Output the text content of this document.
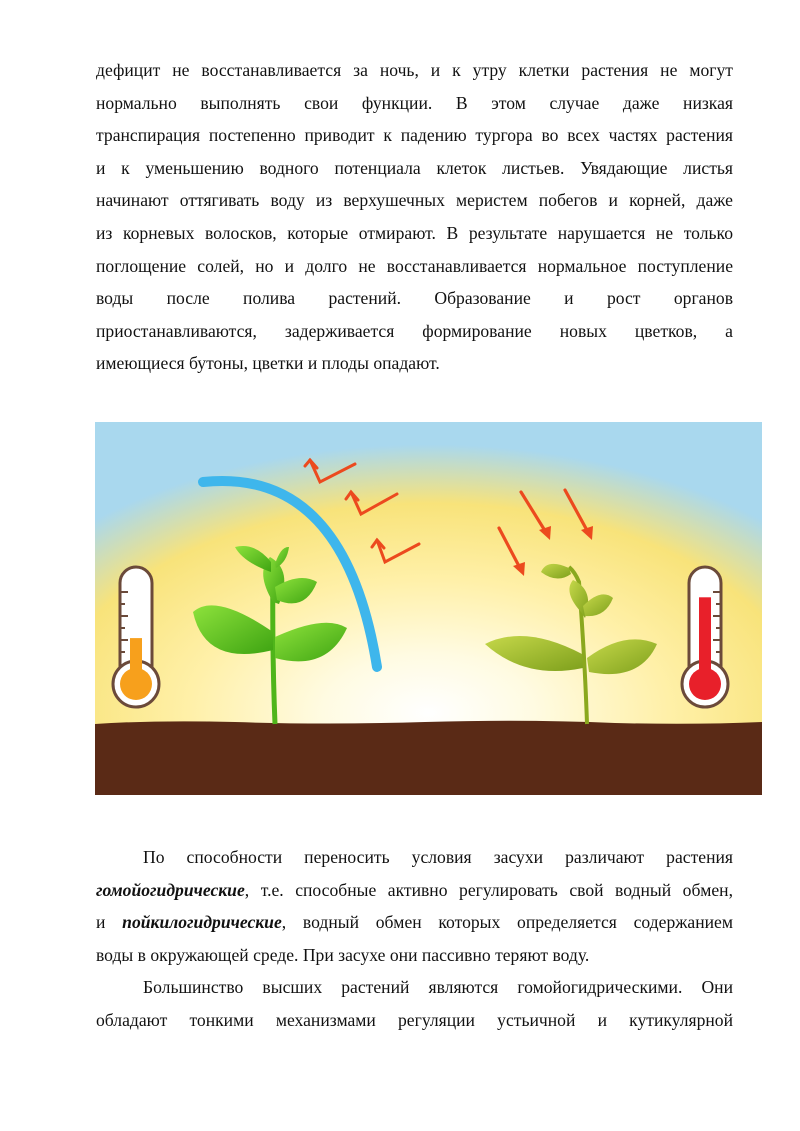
дефицит не восстанавливается за ночь, и к утру клетки растения не могут
нормально выполнять свои функции. В этом случае даже низкая
транспирация постепенно приводит к падению тургора во всех частях растения
и к уменьшению водного потенциала клеток листьев. Увядающие листья
начинают оттягивать воду из верхушечных меристем побегов и корней, даже
из корневых волосков, которые отмирают. В результате нарушается не только
поглощение солей, но и долго не восстанавливается нормальное поступление
воды после полива растений. Образование и рост органов
приостанавливаются, задерживается формирование новых цветков, а
имеющиеся бутоны, цветки и плоды опадают.
По способности переносить условия засухи различают растения
гомойогидрические, т.е. способные активно регулировать свой водный обмен,
и пойкилогидрические, водный обмен которых определяется содержанием
воды в окружающей среде. При засухе они пассивно теряют воду.
Большинство высших растений являются гомойогидрическими. Они
обладают тонкими механизмами регуляции устьичной и кутикулярной
